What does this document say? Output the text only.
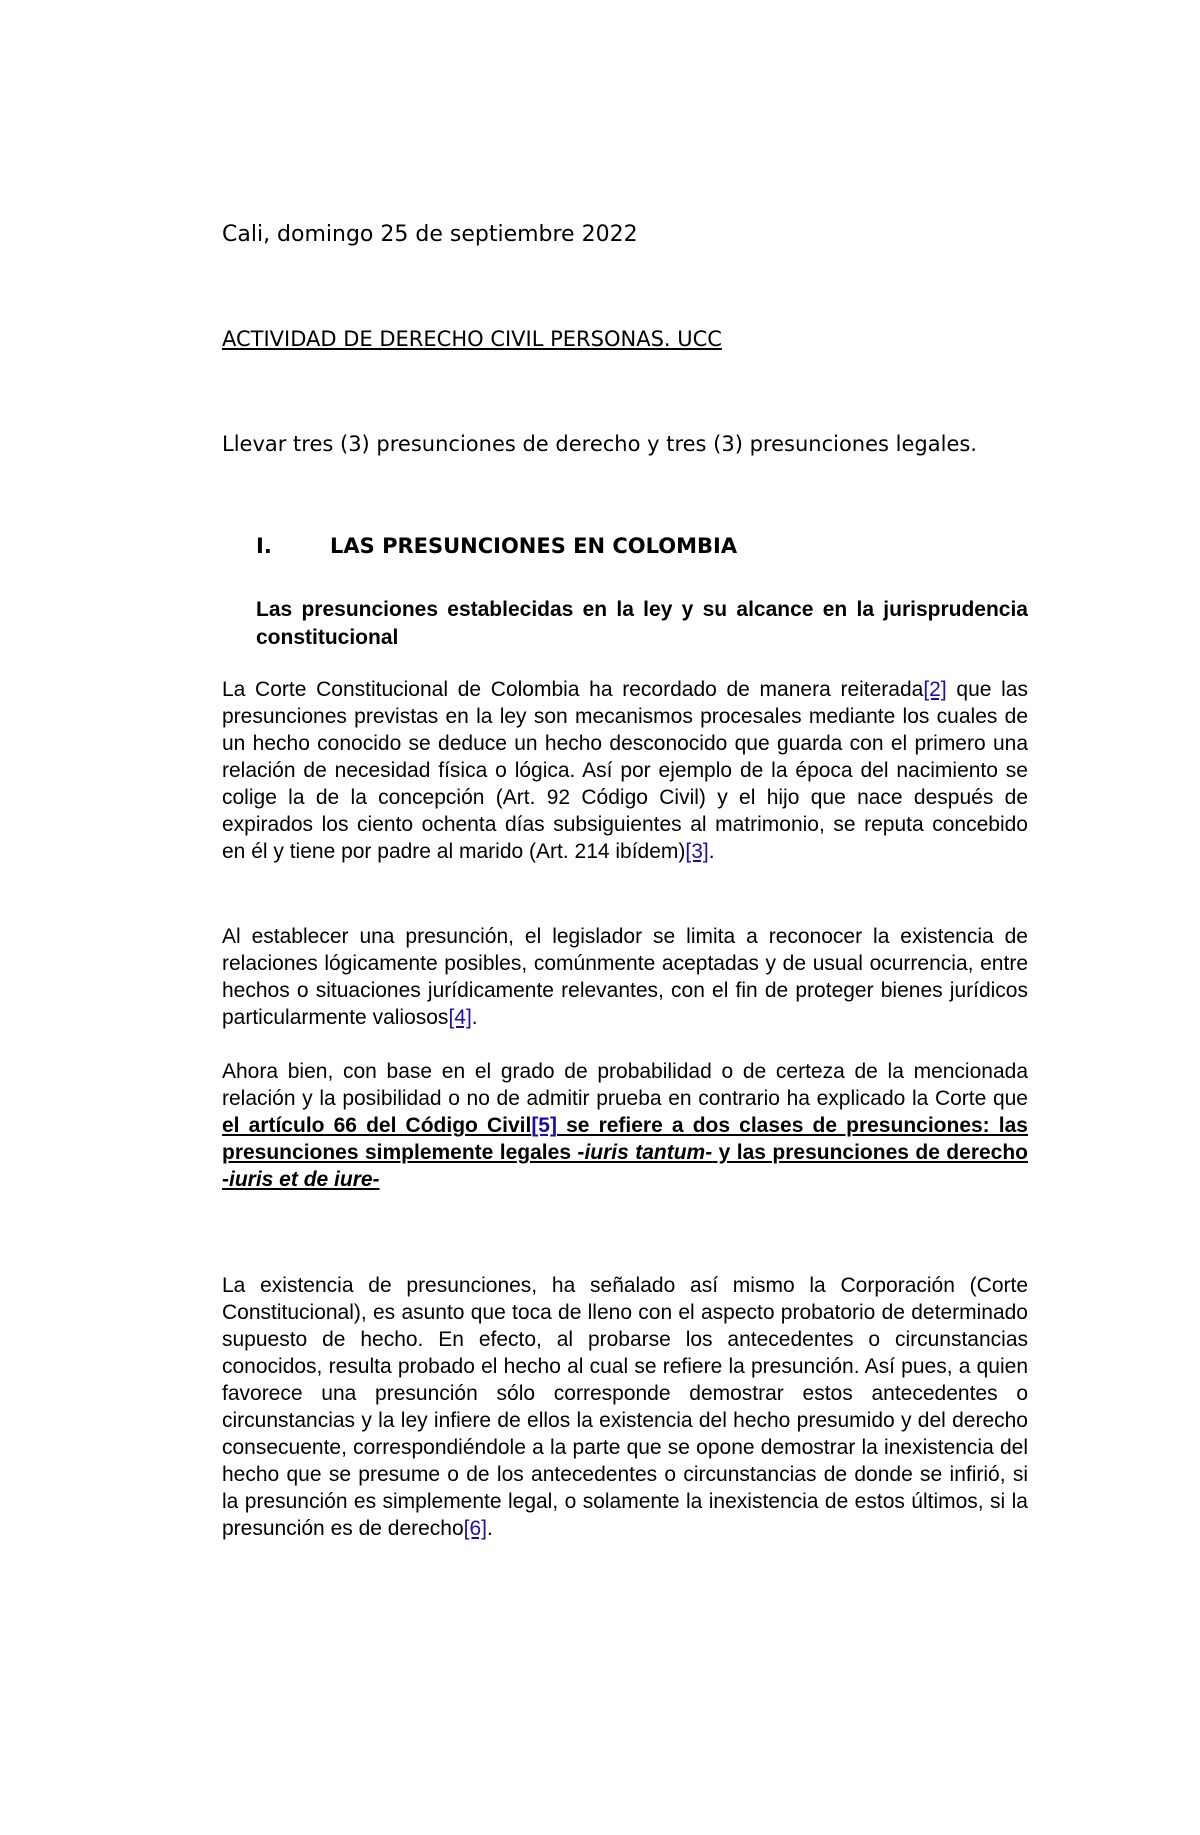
Cali, domingo 25 de septiembre 2022
ACTIVIDAD DE DERECHO CIVIL PERSONAS. UCC
Llevar tres (3) presunciones de derecho y tres (3) presunciones legales.
I.	LAS PRESUNCIONES EN COLOMBIA

Las presunciones establecidas en la ley y su alcance en la jurisprudencia constitucional

La Corte Constitucional de Colombia ha recordado de manera reiterada[2] que las presunciones previstas en la ley son mecanismos procesales mediante los cuales de un hecho conocido se deduce un hecho desconocido que guarda con el primero una relación de necesidad física o lógica. Así por ejemplo de la época del nacimiento se colige la de la concepción (Art. 92 Código Civil) y el hijo que nace después de expirados los ciento ochenta días subsiguientes al matrimonio, se reputa concebido en él y tiene por padre al marido (Art. 214 ibídem)[3].

Al establecer una presunción, el legislador se limita a reconocer la existencia de relaciones lógicamente posibles, comúnmente aceptadas y de usual ocurrencia, entre hechos o situaciones jurídicamente relevantes, con el fin de proteger bienes jurídicos particularmente valiosos[4].

Ahora bien, con base en el grado de probabilidad o de certeza de la mencionada relación y la posibilidad o no de admitir prueba en contrario ha explicado la Corte que el artículo 66 del Código Civil[5] se refiere a dos clases de presunciones: las presunciones simplemente legales -iuris tantum- y las presunciones de derecho -iuris et de iure-

La existencia de presunciones, ha señalado así mismo la Corporación (Corte Constitucional), es asunto que toca de lleno con el aspecto probatorio de determinado supuesto de hecho. En efecto, al probarse los antecedentes o circunstancias conocidos, resulta probado el hecho al cual se refiere la presunción. Así pues, a quien favorece una presunción sólo corresponde demostrar estos antecedentes o circunstancias y la ley infiere de ellos la existencia del hecho presumido y del derecho consecuente, correspondiéndole a la parte que se opone demostrar la inexistencia del hecho que se presume o de los antecedentes o circunstancias de donde se infirió, si la presunción es simplemente legal, o solamente la inexistencia de estos últimos, si la presunción es de derecho[6].
